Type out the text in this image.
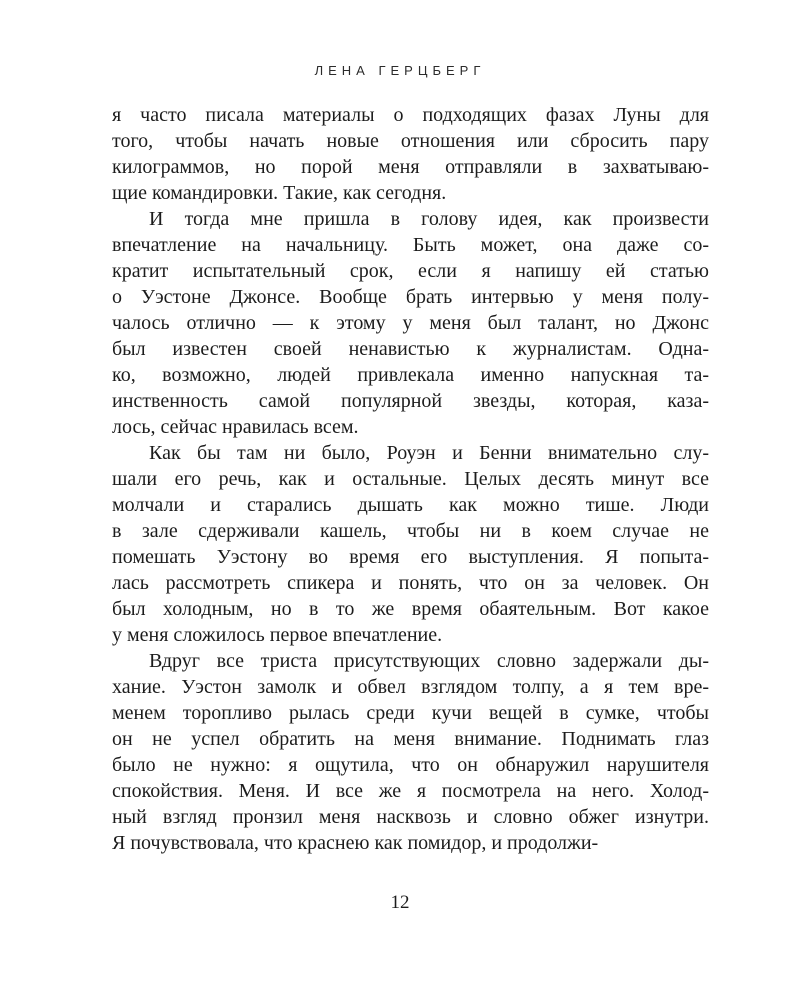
ЛЕНА ГЕРЦБЕРГ
я часто писала материалы о подходящих фазах Луны для
того, чтобы начать новые отношения или сбросить пару
килограммов, но порой меня отправляли в захватываю-
щие командировки. Такие, как сегодня.
И тогда мне пришла в голову идея, как произвести
впечатление на начальницу. Быть может, она даже со-
кратит испытательный срок, если я напишу ей статью
о Уэстоне Джонсе. Вообще брать интервью у меня полу-
чалось отлично — к этому у меня был талант, но Джонс
был известен своей ненавистью к журналистам. Одна-
ко, возможно, людей привлекала именно напускная та-
инственность самой популярной звезды, которая, каза-
лось, сейчас нравилась всем.
Как бы там ни было, Роуэн и Бенни внимательно слу-
шали его речь, как и остальные. Целых десять минут все
молчали и старались дышать как можно тише. Люди
в зале сдерживали кашель, чтобы ни в коем случае не
помешать Уэстону во время его выступления. Я попыта-
лась рассмотреть спикера и понять, что он за человек. Он
был холодным, но в то же время обаятельным. Вот какое
у меня сложилось первое впечатление.
Вдруг все триста присутствующих словно задержали ды-
хание. Уэстон замолк и обвел взглядом толпу, а я тем вре-
менем торопливо рылась среди кучи вещей в сумке, чтобы
он не успел обратить на меня внимание. Поднимать глаз
было не нужно: я ощутила, что он обнаружил нарушителя
спокойствия. Меня. И все же я посмотрела на него. Холод-
ный взгляд пронзил меня насквозь и словно обжег изнутри.
Я почувствовала, что краснею как помидор, и продолжи-
12
